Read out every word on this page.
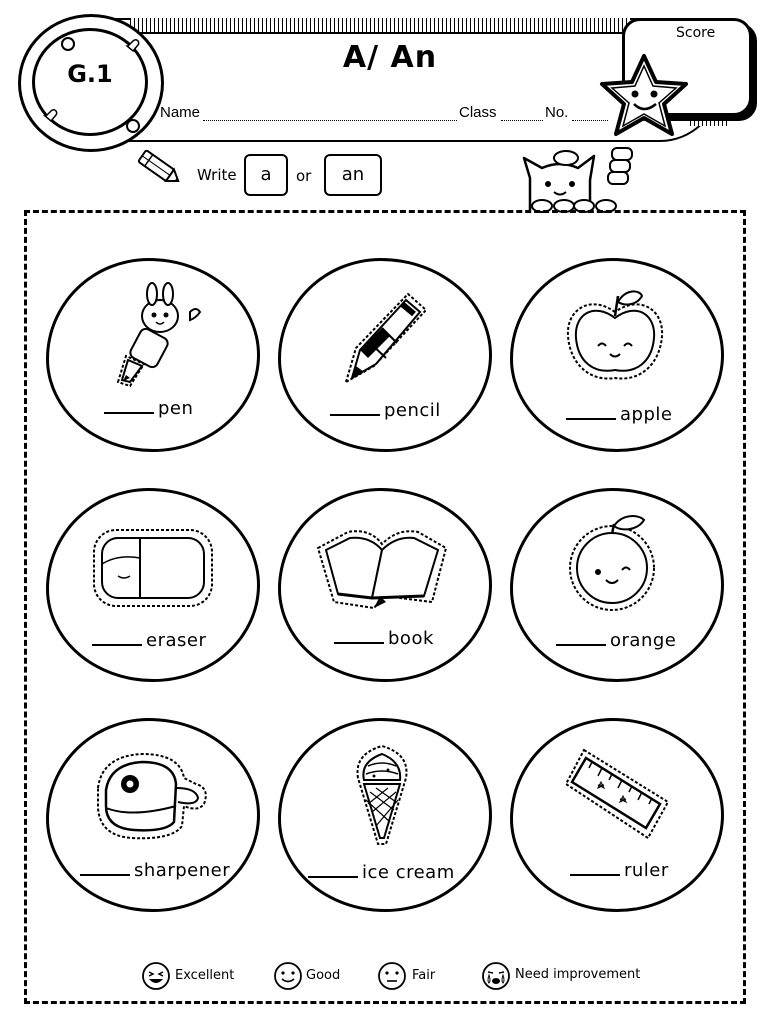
G.1	A/ An
Name	Class	No.
Score
Write	a	or	an
pen	pencil	apple
eraser	book	orange
sharpener	ice cream	ruler
Excellent	Good	Fair	Need improvement
